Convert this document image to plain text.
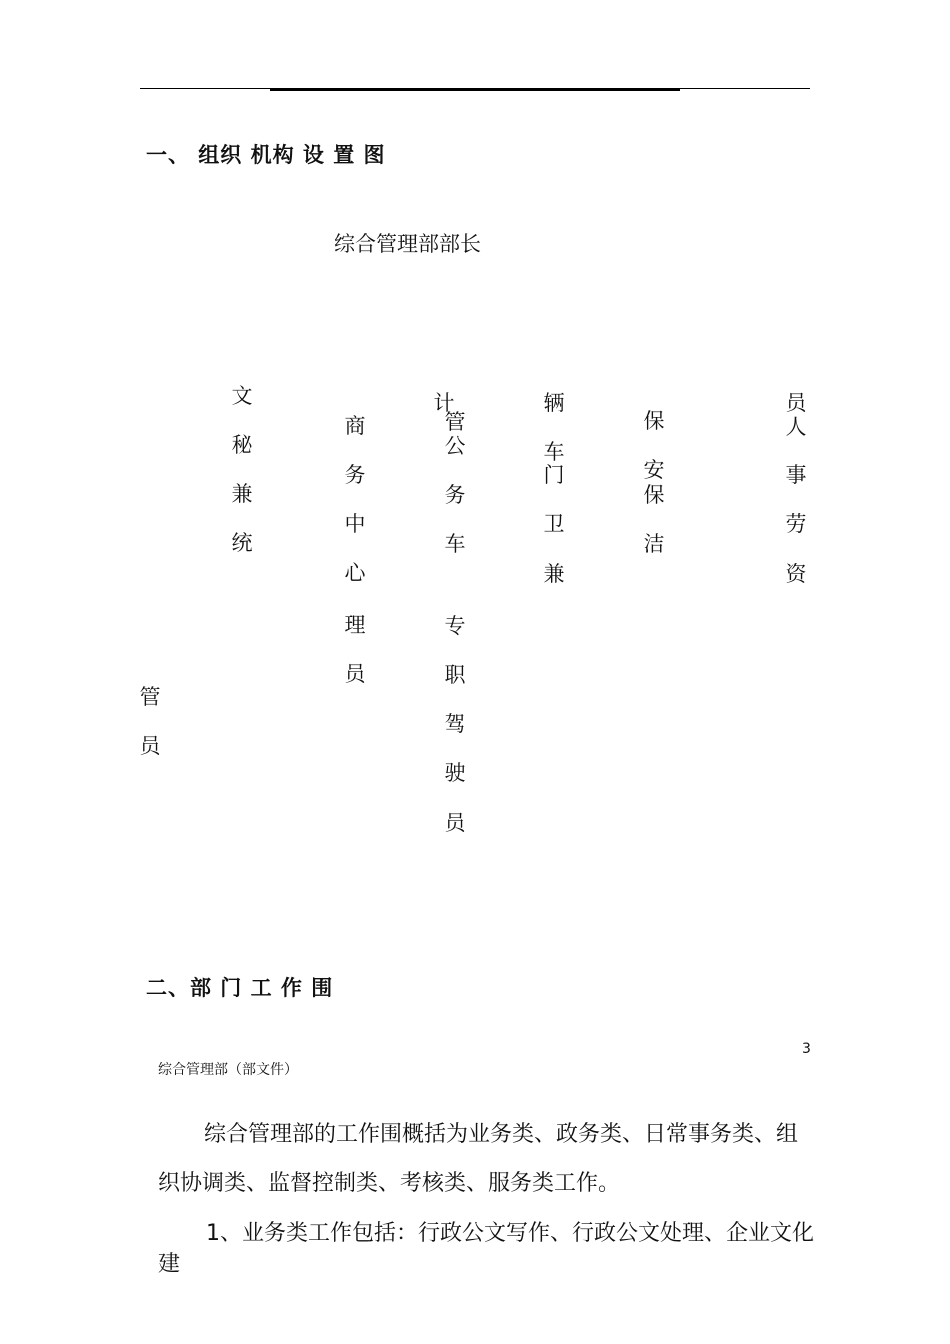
一、 组织 机构 设 置 图
综合管理部部长
文
秘
兼
统
管
员
商
务
中
心
理
员
计
管
公
务
车
专
职
驾
驶
员
辆
车
门
卫
兼
保
安
保
洁
员
人
事
劳
资
二、部 门 工 作 围
3
综合管理部（部文件）
综合管理部的工作围概括为业务类、政务类、日常事务类、组
织协调类、监督控制类、考核类、服务类工作。
1、业务类工作包括：行政公文写作、行政公文处理、企业文化
建
